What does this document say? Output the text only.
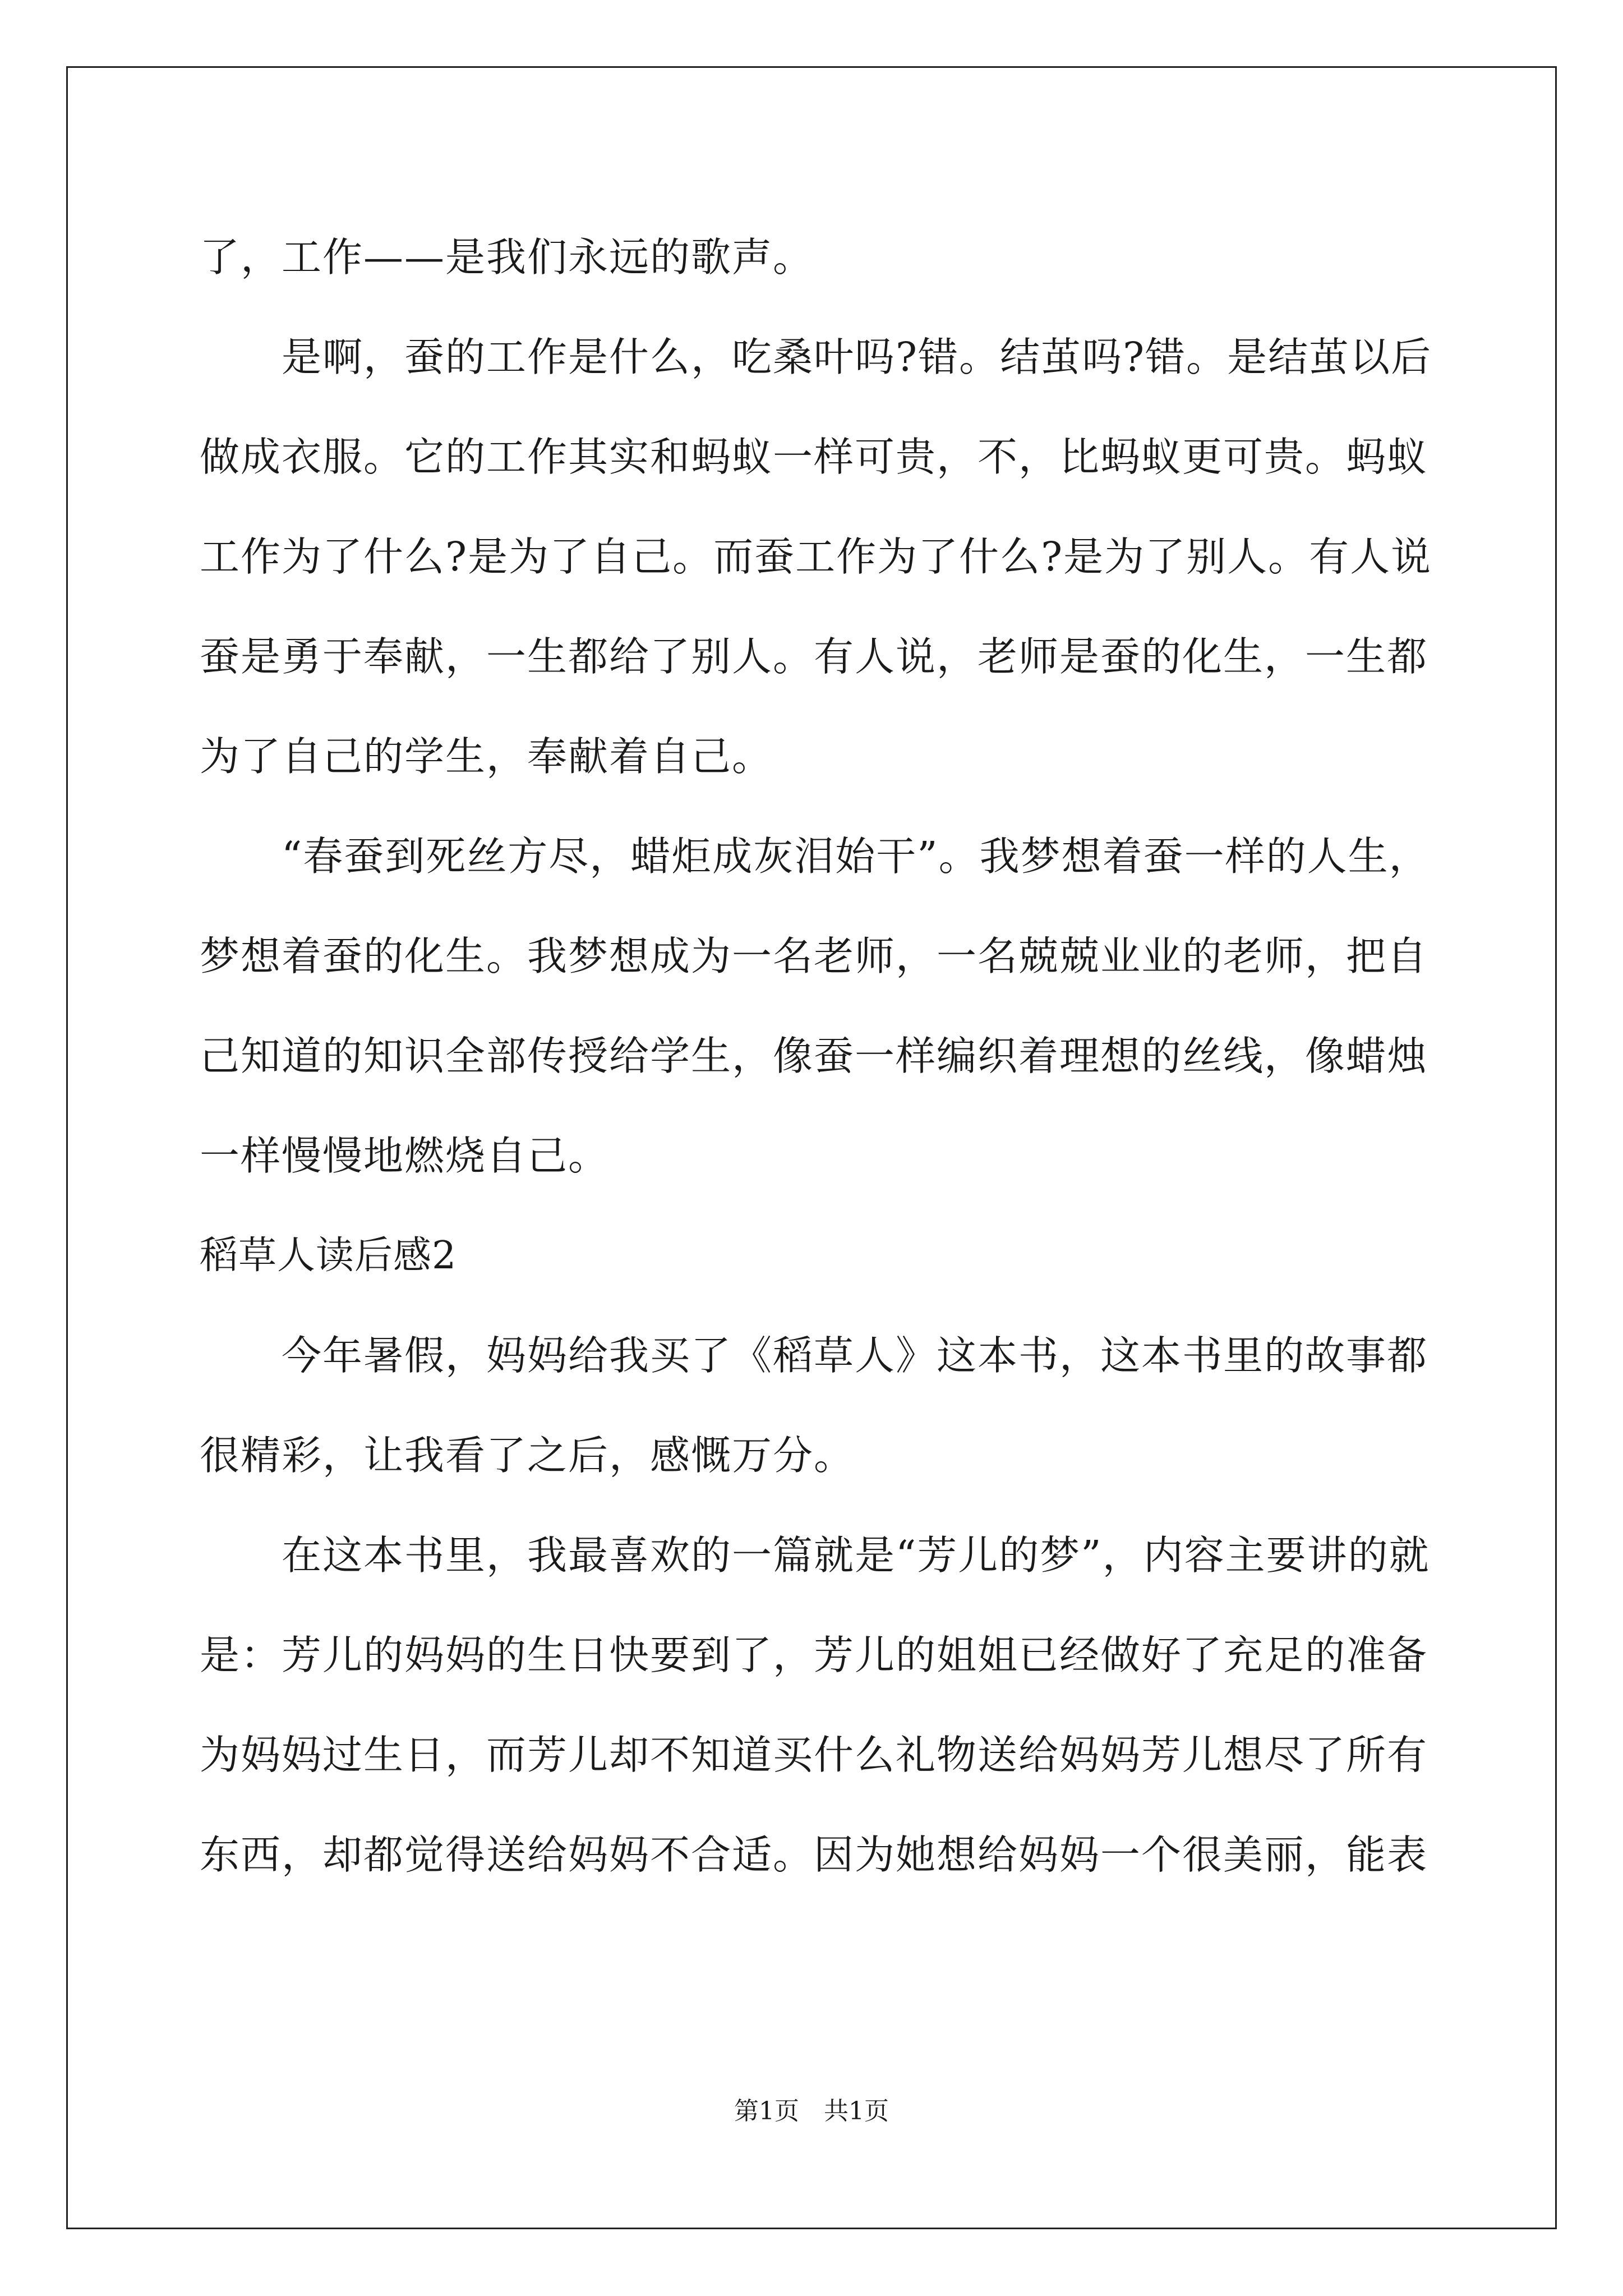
了，工作——是我们永远的歌声。
是啊，蚕的工作是什么，吃桑叶吗?错。结茧吗?错。是结茧以后
做成衣服。它的工作其实和蚂蚁一样可贵，不，比蚂蚁更可贵。蚂蚁
工作为了什么?是为了自己。而蚕工作为了什么?是为了别人。有人说
蚕是勇于奉献，一生都给了别人。有人说，老师是蚕的化生，一生都
为了自己的学生，奉献着自己。
“春蚕到死丝方尽，蜡炬成灰泪始干”。我梦想着蚕一样的人生，
梦想着蚕的化生。我梦想成为一名老师，一名兢兢业业的老师，把自
己知道的知识全部传授给学生，像蚕一样编织着理想的丝线，像蜡烛
一样慢慢地燃烧自己。
稻草人读后感2
今年暑假，妈妈给我买了《稻草人》这本书，这本书里的故事都
很精彩，让我看了之后，感慨万分。
在这本书里，我最喜欢的一篇就是“芳儿的梦”，内容主要讲的就
是：芳儿的妈妈的生日快要到了，芳儿的姐姐已经做好了充足的准备
为妈妈过生日，而芳儿却不知道买什么礼物送给妈妈芳儿想尽了所有
东西，却都觉得送给妈妈不合适。因为她想给妈妈一个很美丽，能表
第1页　共1页
